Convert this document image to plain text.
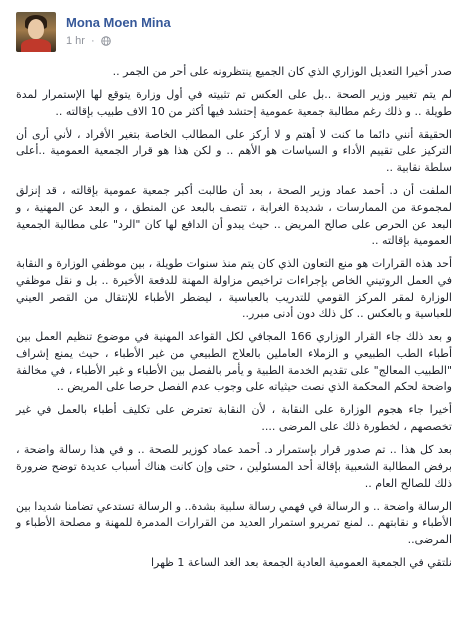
Mona Moen Mina
1 hr ·

صدر أخيرا التعديل الوزاري الذي كان الجميع ينتظرونه على أحر من الجمر ..

لم يتم تغيير وزير الصحة ..بل على العكس تم تثبيته في أول وزارة يتوقع لها الإستمرار لمدة طويلة .. و ذلك رغم مطالبة جمعية عمومية إحتشد فيها أكثر من 10 الاف طبيب بإقالته ..

الحقيقة أنني دائما ما كنت لا أهتم و لا أركز على المطالب الخاصة بتغير الأفراد ، لأني أرى أن التركيز على تقييم الأداء و السياسات هو الأهم .. و لكن هذا هو قرار الجمعية العمومية ..أعلى سلطة نقابية ..

الملفت أن د. أحمد عماد وزير الصحة ، بعد أن طالبت أكبر جمعية عمومية بإقالته ، قد إنزلق لمجموعة من الممارسات ، شديدة الغرابة ، تتصف بالبعد عن المنطق ، و البعد عن المهنية ، و البعد عن الحرص على صالح المريض .. حيث يبدو أن الدافع لها كان "الرد" على مطالبة الجمعية العمومية بإقالته ..

أحد هذه القرارات هو منع التعاون الذي كان يتم منذ سنوات طويلة ، بين موظفي الوزارة و النقابة في العمل الروتيني الخاص بإجراءات تراخيص مزاولة المهنة للدفعة الأخيرة .. بل و نقل موظفي الوزارة لمقر المركز القومي للتدريب بالعباسية ، ليضطر الأطباء للإنتقال من القصر العيني للعباسية و بالعكس .. كل ذلك دون أدنى مبرر..

و بعد ذلك جاء القرار الوزاري 166 المجافي لكل القواعد المهنية في موضوع تنظيم العمل بين أطباء الطب الطبيعي و الزملاء العاملين بالعلاج الطبيعي من غير الأطباء ، حيث يمنع إشراف "الطبيب المعالج" على تقديم الخدمة الطبية و يأمر بالفصل بين الأطباء و غير الأطباء ، في مخالفة واضحة لحكم المحكمة الذي نصت حيثياته على وجوب عدم الفصل حرصا على المريض ..

أخيرا جاء هجوم الوزارة على النقابة ، لأن النقابة تعترض على تكليف أطباء بالعمل في غير تخصصهم ، لخطورة ذلك على المرضى ....

بعد كل هذا .. تم صدور قرار بإستمرار د. أحمد عماد كوزير للصحة .. و في هذا رسالة واضحة ، برفض المطالبة الشعبية بإقالة أحد المسئولين ، حتى وإن كانت هناك أسباب عديدة توضح ضرورة ذلك للصالح العام ..

الرسالة واضحة .. و الرسالة في فهمي رسالة سلبية بشدة.. و الرسالة تستدعي تضامنا شديدا بين الأطباء و نقابتهم .. لمنع تمريرو استمرار العديد من القرارات المدمرة للمهنة و مصلحة الأطباء و المرضى..

نلتقي في الجمعية العمومية العادية الجمعة بعد الغد الساعة 1 ظهرا
